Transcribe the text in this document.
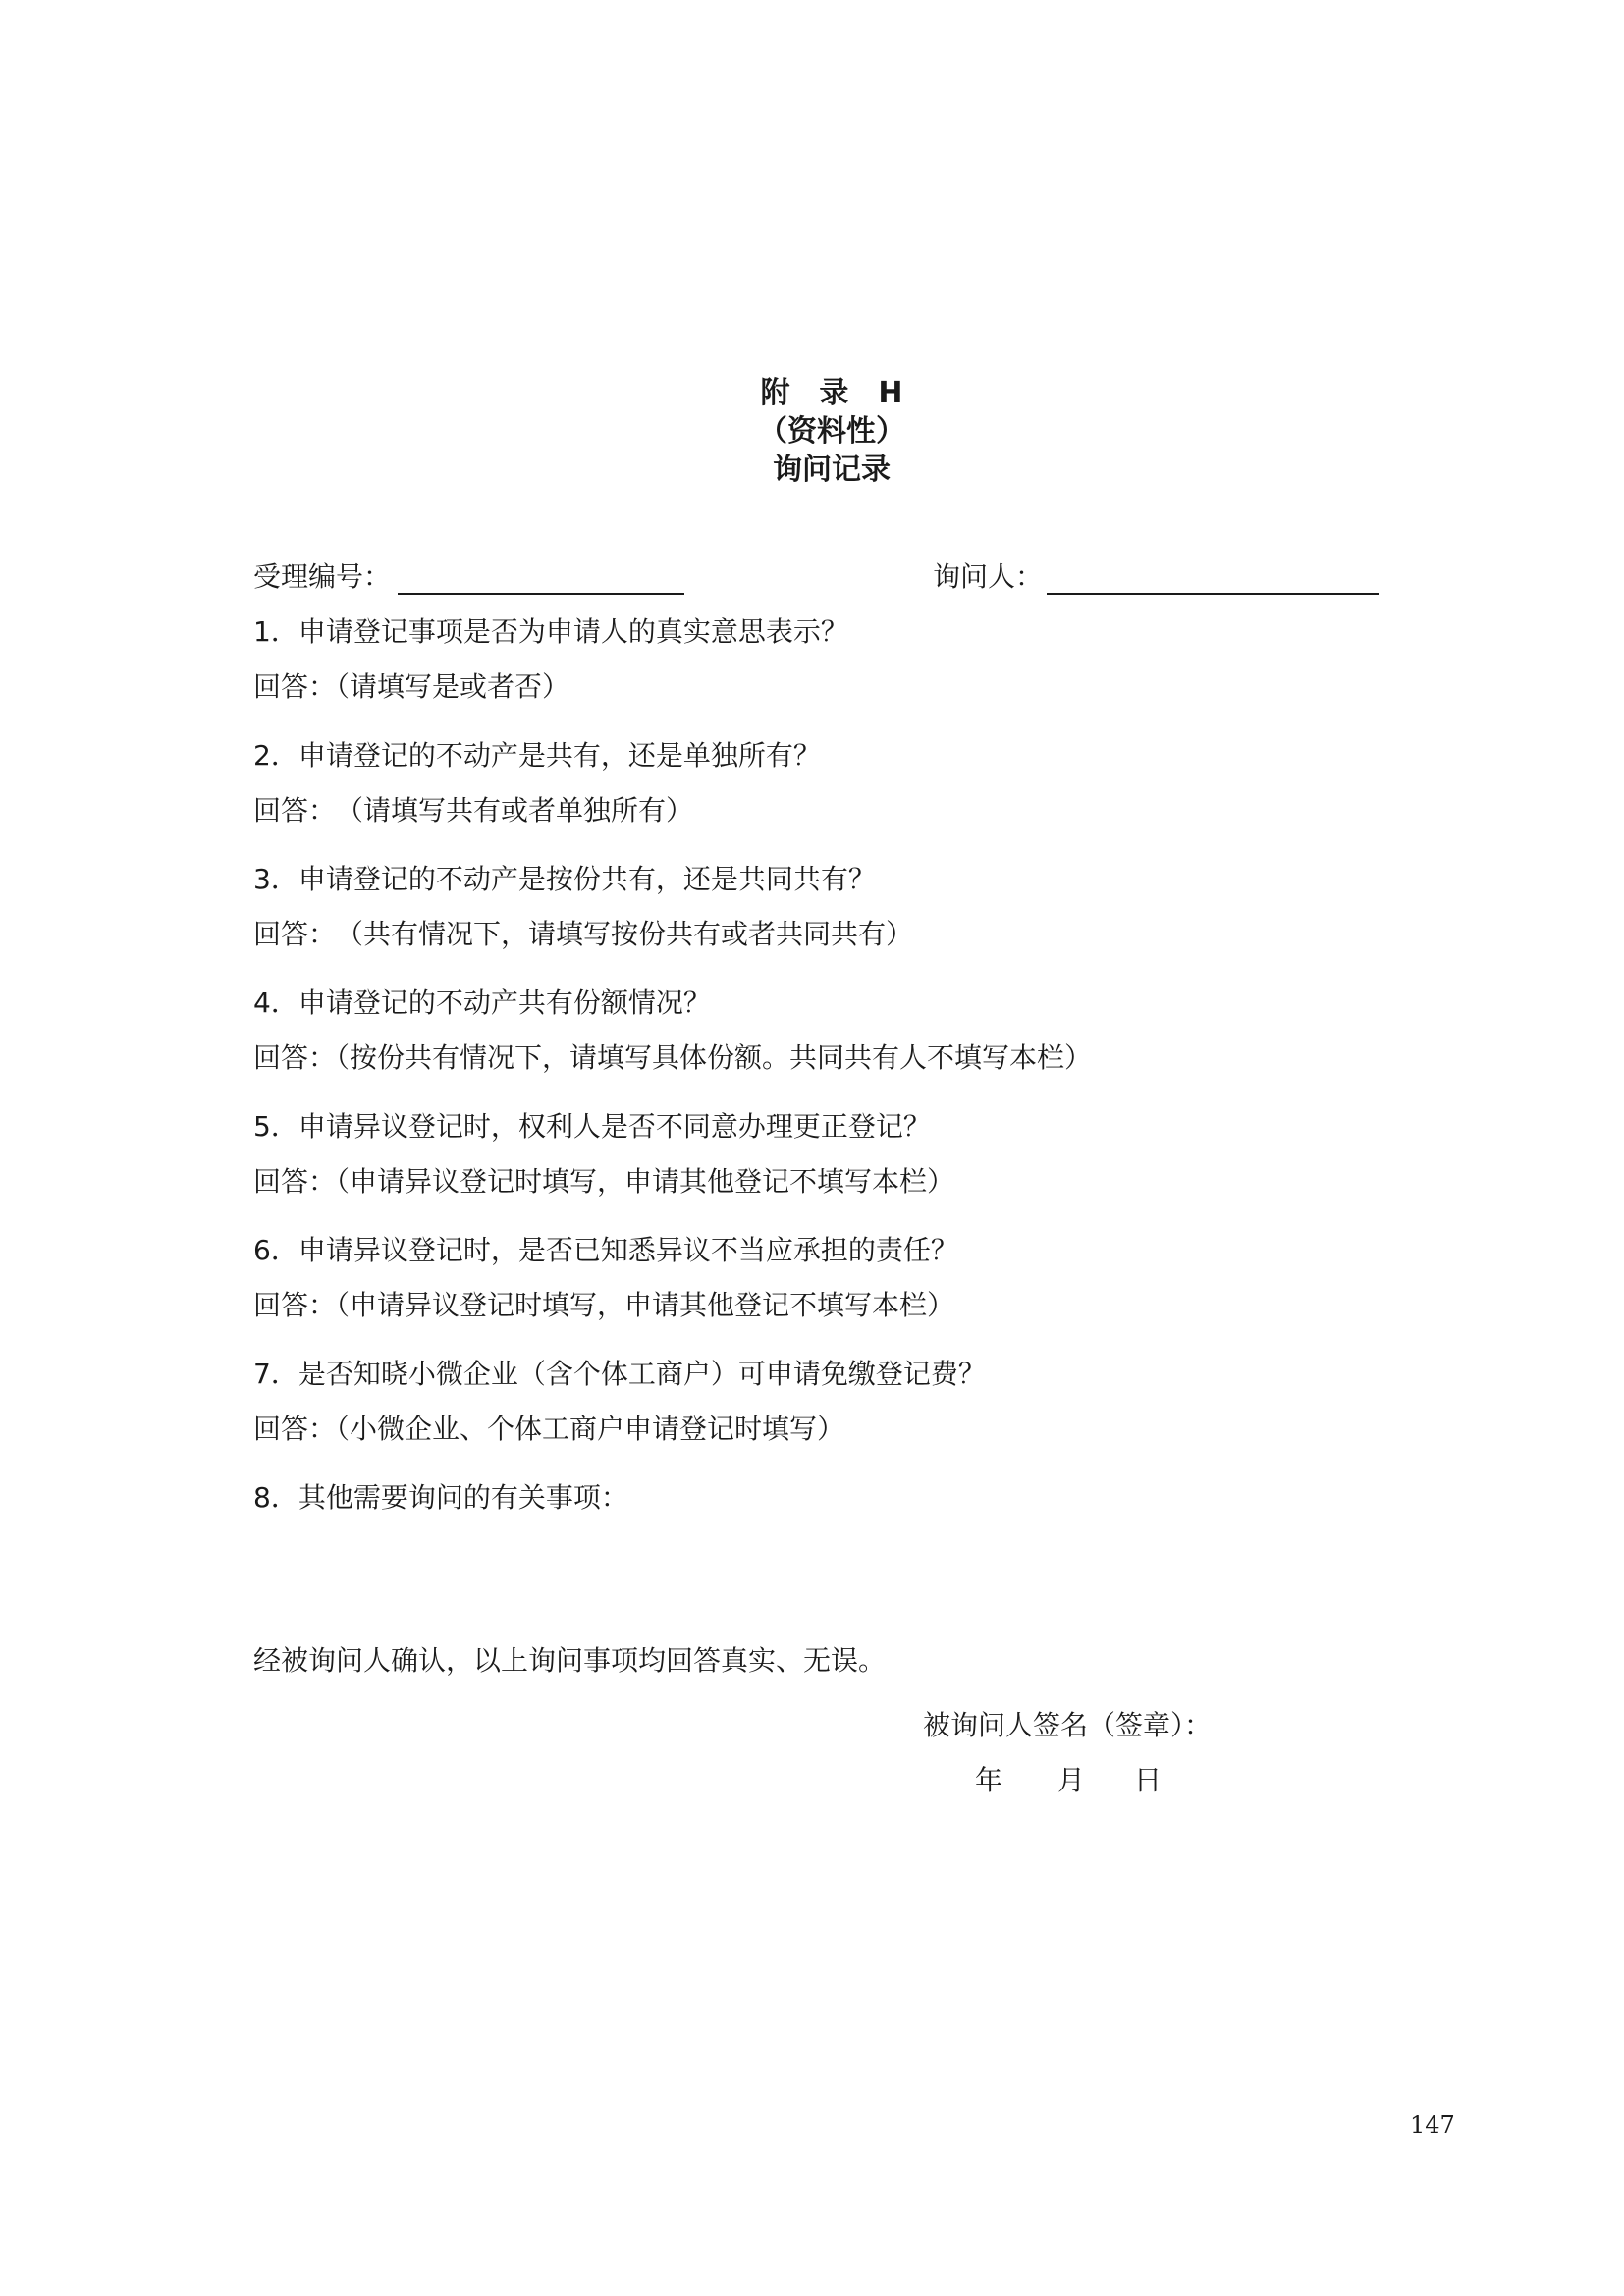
附　录　H
（资料性）
询问记录
受理编号：	询问人：
1．申请登记事项是否为申请人的真实意思表示？
回答：（请填写是或者否）
2．申请登记的不动产是共有，还是单独所有？
回答：　（请填写共有或者单独所有）
3．申请登记的不动产是按份共有，还是共同共有？
回答：　（共有情况下，请填写按份共有或者共同共有）
4．申请登记的不动产共有份额情况？
回答：（按份共有情况下，请填写具体份额。共同共有人不填写本栏）
5．申请异议登记时，权利人是否不同意办理更正登记？
回答：（申请异议登记时填写，申请其他登记不填写本栏）
6．申请异议登记时，是否已知悉异议不当应承担的责任？
回答：（申请异议登记时填写，申请其他登记不填写本栏）
7．是否知晓小微企业（含个体工商户）可申请免缴登记费？
回答：（小微企业、个体工商户申请登记时填写）
8．其他需要询问的有关事项：
经被询问人确认，以上询问事项均回答真实、无误。
被询问人签名（签章）：
年 月 日
147
